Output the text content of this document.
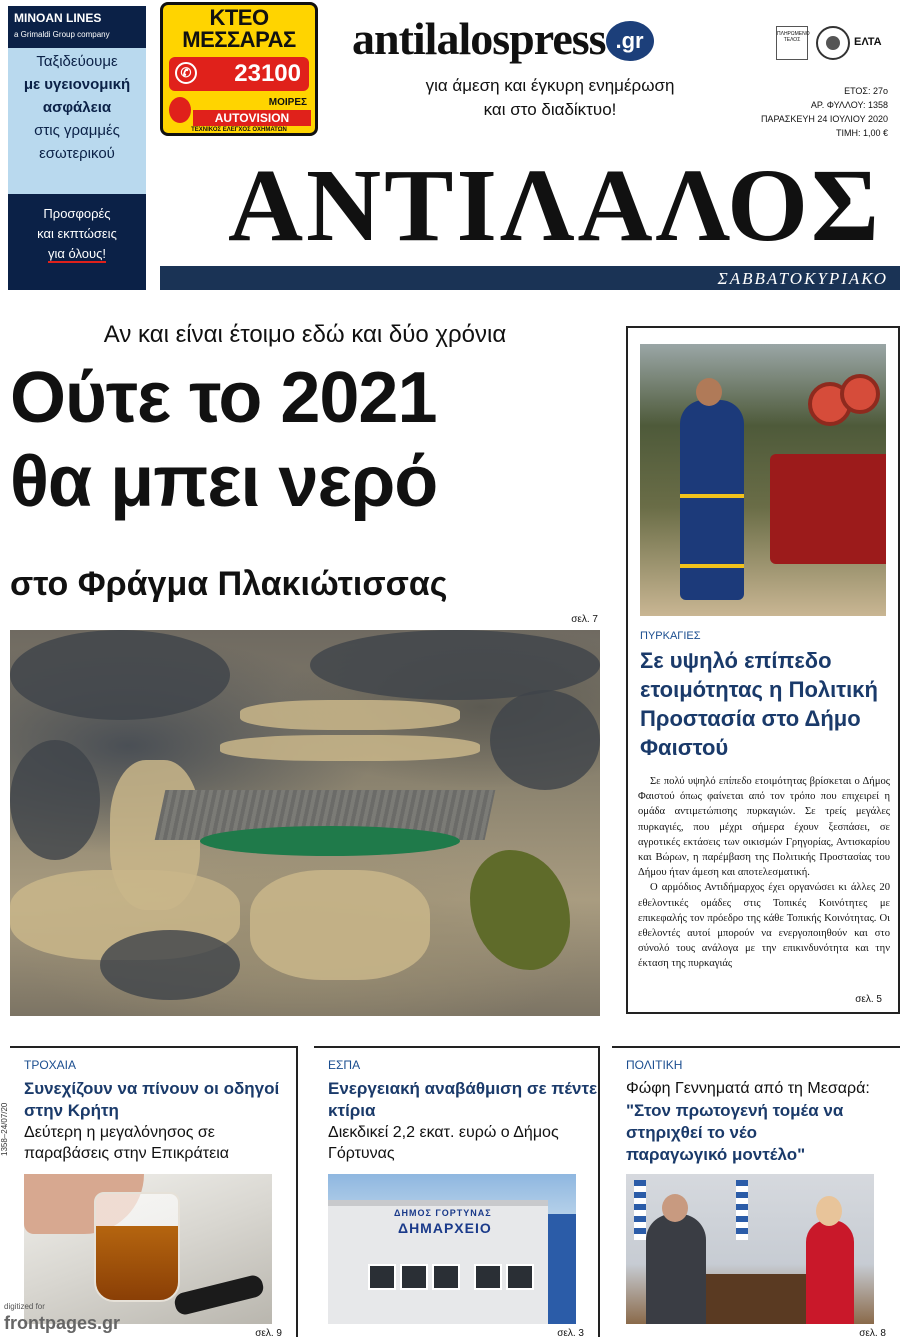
MINOAN LINES
a Grimaldi Group company
Ταξιδεύουμε
με υγειονομική
ασφάλεια
στις γραμμές
εσωτερικού
Προσφορές
και εκπτώσεις
για όλους!
ΚΤΕΟ
ΜΕΣΣΑΡΑΣ
✆ 23100
ΜΟΙΡΕΣ
AUTOVISION
ΤΕΧΝΙΚΟΣ ΕΛΕΓΧΟΣ ΟΧΗΜΑΤΩΝ
antilalospress .gr
για άμεση και έγκυρη ενημέρωση
και στο διαδίκτυο!
ΠΛΗΡΩΜΕΝΟ ΤΕΛΟΣ	ΕΛΤΑ
ΕΤΟΣ: 27ο
ΑΡ. ΦΥΛΛΟΥ: 1358
ΠΑΡΑΣΚΕΥΗ 24 ΙΟΥΛΙΟΥ 2020
ΤΙΜΗ: 1,00 €
ΑΝΤΙΛΑΛΟΣ
ΣΑΒΒΑΤΟΚΥΡΙΑΚΟ
Αν και είναι έτοιμο εδώ και δύο χρόνια
Ούτε το 2021
θα μπει νερό
στο Φράγμα Πλακιώτισσας
σελ. 7
ΠΥΡΚΑΓΙΕΣ
Σε υψηλό επίπεδο ετοιμότητας η Πολιτική Προστασία στο Δήμο Φαιστού

Σε πολύ υψηλό επίπεδο ετοιμότητας βρίσκεται ο Δήμος Φαιστού όπως φαίνεται από τον τρόπο που επιχειρεί η ομάδα αντιμετώπισης πυρκαγιών. Σε τρείς μεγάλες πυρκαγιές, που μέχρι σήμερα έχουν ξεσπάσει, σε αγροτικές εκτάσεις των οικισμών Γρηγορίας, Αντισκαρίου και Βώρων, η παρέμβαση της Πολιτικής Προστασίας του Δήμου ήταν άμεση και αποτελεσματική.

Ο αρμόδιος Αντιδήμαρχος έχει οργανώσει κι άλλες 20 εθελοντικές ομάδες στις Τοπικές Κοινότητες με επικεφαλής τον πρόεδρο της κάθε Τοπικής Κοινότητας. Οι εθελοντές αυτοί μπορούν να ενεργοποιηθούν και στο σύνολό τους ανάλογα με την επικινδυνότητα και την έκταση της πυρκαγιάς

σελ. 5
ΤΡΟΧΑΙΑ
Συνεχίζουν να πίνουν οι οδηγοί στην Κρήτη
Δεύτερη η μεγαλόνησος σε παραβάσεις στην Επικράτεια
σελ. 9
ΕΣΠΑ
Ενεργειακή αναβάθμιση σε πέντε κτίρια
Διεκδικεί 2,2 εκατ. ευρώ ο Δήμος Γόρτυνας
ΔΗΜΟΣ ΓΟΡΤΥΝΑΣ
ΔΗΜΑΡΧΕΙΟ
σελ. 3
ΠΟΛΙΤΙΚΗ
Φώφη Γεννηματά από τη Μεσαρά:
"Στον πρωτογενή τομέα να στηριχθεί το νέο παραγωγικό μοντέλο"
σελ. 8
1358–24/07/20
digitized for
frontpages.gr
